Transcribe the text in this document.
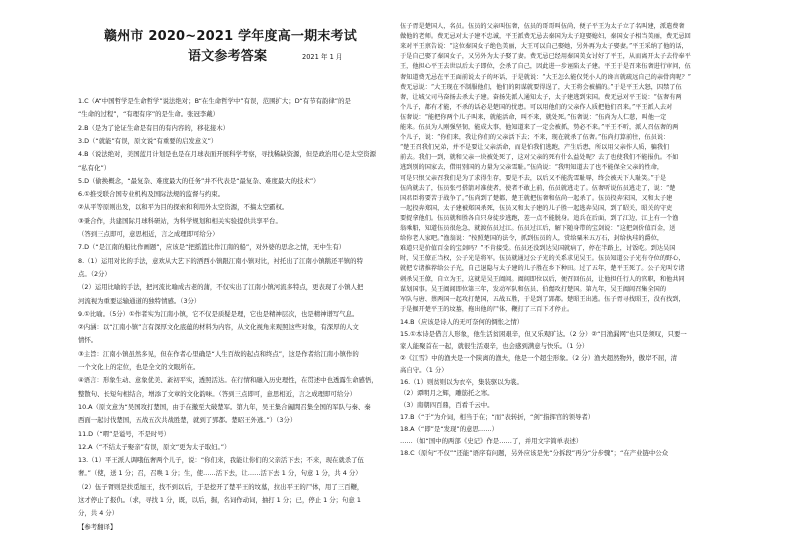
赣州市 2020~2021 学年度高一期末考试
语文参考答案	2021 年 1 月
1.C（A“中国哲学是生命哲学”说法绝对；B“在生命哲学中”有误，范围扩大；D“有节有韵律”的是
“生命的过程”，“有理有序”的是生命。张冠李戴）
2.B（是为了论证生命是有目的有内容的，移花接木）
3.D（“就能”有误，原文说“有重要的启发意义”）
4.B（说法绝对，美国蓝月计划是也是在月球表面开展科学考察，寻找稀缺资源，但是政治用心是太空资源
“私有化”）
5.D（偷换概念，“最复杂、难度最大的任务”并不代表是“最复杂、难度最大的技术”）
6.①推受联合国专业机构及国际法规的监督与约束。
②从平等原则出发，以和平为目的探索和利用外太空资源，不搞太空霸权。
③秉合作，共建国际月球科研站，为科学规划和相关实验提供共享平台。
（答到三点即可，意思相近，言之成理即可给分）
7.D（“是江南的船比作画题”，应该是“把摇篮比作江南的船”，对外婆的思念之情，无中生有）
8.（1）运用对比的手法，意欢从大艺下的洒西小镇跟江南小镇对比，衬托出了江南小镇鹅还平镇的特
点。（2分）
（2）运用比喻的手法，把河流比喻成古老的蒲，不仅实出了江南小镇河流多特点，更表现了小镇人把
河流视为重要运输通道的独特情感。（3分）
9.①比喻。（5分）①作者实为江南小镇，它不仅是质疑是理，它也是精神层次，也是精神谱写气息。
②内涵：以“江南小镇”言有深厚文化底蕴的材料为内容，从文化视角来观照这些对象，有深厚的人文
情怀。
③主旨：江南小镇虽然多见，但在作者心里确是“人生百故的起点和终点”，这是作者给江南小镇作的
一个文化上的定位，也是全文的文眼所在。
④语言：形象生动、意象优美、紊初平实，透照活达。在行情和融入历史理性，在贯述中也透露生命感悟，
整散句、长短句相结合，增添了文章的文化韵味。（答到三点即可，意思相近，言之成理即可给分）
10.A（原文意为“吴国攻打楚国，由于在撤至大破楚军。第九年，吴王集合阖閭召集全国的军队与秦、秦
西面一起讨伐楚国，五战五次共战胜楚，就到了郢都。楚昭王外逃。”）（3分）
11.D（“喟”是谥号，不是时号）
12.A（“不结太子娶亲”有误，原文“更为太子取妇。”）
13.（1）平王派人调哦伍奢两个儿子，说：“你们来，我能让你们的父亲活下去；不来，现在就杀了伍
奢。”（使，送 1 分；召，召唤 1 分；生，使……活下去，让……活下去 1 分，句意 1 分，共 4 分）
（2）伍子胥则是扶觅旭王，找不到以后，于是挖开了楚平王的坟墓，拉出平王的尸体，用了三百鞭，
这才停止了报仇。（求，寻找 1 分，既，以后，掘，名词作动词，抽打 1 分；已，停止 1 分；句意 1
分，共 4 分）
【参考翻译】
伍子胥是楚国人，名员。伍员的父亲叫伍奢，伍员的哥哥叫伍尚，便子平王为太子立了名叫建，派遣费奢
做他的老师。费无忌对太子建不忠诚，平王派费无忌去秦国为太子迎娶媳妇，秦国女子相当美丽，费无忌回
来对平王禀告说：“这位秦国女子绝色美丽，大王可以自己娶她，另外再为太子娶妻。”平王采纳了他的话，
于是自己娶了秦国女子，又另外为太子娶了妻。费无忌已经用秦国美女讨好了平王，从而离开太子去侍奉平
王，他担心平王去世以后太子即位，会杀了自己，因此进一步诬陷太子建。平王于是召来伍奢进行审问，伍
奢知道费无忌在平王面前说太子的坏话，于是就说：“大王怎么能仅凭小人的谗言就疏远自己的亲骨肉呢？”
费无忌说：“大王现在不制服他们，他们的阴谋就要得逞了，大王将会被捕的。”于是平王大怒，囚禁了伍
奢，让城父司马奋扬去杀太子建。奋扬先派人通知太子，太子建逃到宋国。费无忌对平王说：“伍奢有两
个儿子，都有才能，不杀的话必是楚国的忧患。可以用他们的父亲作人质把他们召来。”平王派人去对
伍奢说：“能把你两个儿子叫来，就能活命，叫不来，就处死。”伍奢说：“伍尚为人仁慈，叫他一定
能来。伍员为人刚强坚韧，能成大事，他知道来了一定会被抓，势必不来。”平王不听，派人召伍奢的两
个儿子，说：“你们来，我让你们的父亲活下去；不来，现在就杀了伍奢。”伍尚打算前往，伍员说：
“楚王召我们兄弟，并不是要让父亲活命，而是怕我们逃跑，产生后患，所以用父亲作人质，骗我们
前去。我们一到，就和父亲一块被处死了，这对父亲的死有什么益处呢？去了也使我们不能报仇。不如
逃到别的国家去，借用别国的力量为父亲雪耻。”伍尚说：“我明知道去了也不能保全父亲的性命，
可是只恨父亲召我们是为了求得生存，要是不去，以后又不能洗雪耻辱，终会被天下人耻笑。”于是
伍尚就去了，伍员张弓搭箭对准使者，使者不敢上前，伍员就逃走了。伍奢听说伍员逃走了，说：“楚
国君臣将要苦于战争了。”伍尚到了楚都，楚王就把伍奢和伍尚一起杀了。伍员投奔宋国，又和太子建
一起投奔郑国，太子建被郑国杀死，伍员又和太子建的儿子胜一起逃奔吴国，到了昭关，昭关的守吏
要捉拿他们。伍员就和胜各自只身徒步逃跑，差一点不能脱身。追兵在后面，到了江边，江上有一个渔
翁乘船，知道伍员很危急，就渡伍员过江。伍员过江后，解下随身带的宝剑说：“这把剑价值百金，送
给你老人家吧。”渔翁说：“按照楚国的法令，抓到伍员的人，赏给粟米五万石，封给执珪的爵位，
难道只是价值百金的宝剑吗？”不肯接受。伍员还没到达吴国就病了，停在半路上，讨饭吃。到达吴国
时，吴王僚正当权，公子光是将军。伍员就通过公子光的关系求见吴王。伍员知道公子光有夺位的野心，
就把专诸推荐给公子光，自己退隐与太子建的儿子胜在乡下种田。过了五年，楚平王死了。公子光叫专诸
刺杀吴王僚，自立为王，这就是吴王阖闾。阖闾即位以后，便召回伍员，让他担任行人的官职，和他共同
谋划国事。吴王阖闾即位第三年，发动军队和伍员、伯嚭攻打楚国。第九年，吴王阖闾召集全国的
军队与唐、蔡两国一起攻打楚国，五战五胜，于是到了郢都。楚昭王出逃。伍子胥寻找昭王，没有找到，
于是掘开楚平王的坟墓，拖出他的尸体，鞭打了三百下才停止。
14.B（应该是诗人的无可奈何的惆怅之情）
15.①本诗是借言人形象，他生活贫困艰辛，但又乐观旷达。（2 分）②“目渔漏网”也只是须叹，只要一
家人能聚首在一起，就很生活艰辛，也会感到满意与快乐。（1 分）
②《江雪》中的渔夫是一个陕离的渔夫，他是一个超尘形象。（2 分）渔夫超然物外，傲岸不屈，清
高自守。（1 分）
16.（1）则贫则以为衣卒，集装驱以为裳。
（2）谭明月之辉，雕筋托之寒。
（3）南朝四百鼎，百看千云中。
17.B（“于”为介词，相当于在；“而”表转折，“剑”指挥官的领导者）
18.A（“即”是“发现”的意思……）
……（如“国中的两部《史记》作是……了，并用文字简单表述）
18.C（原句“不仅”“还能”语序有问题，另外应该是先“分拆段”再分“分步骤”；“在产业链中公众
